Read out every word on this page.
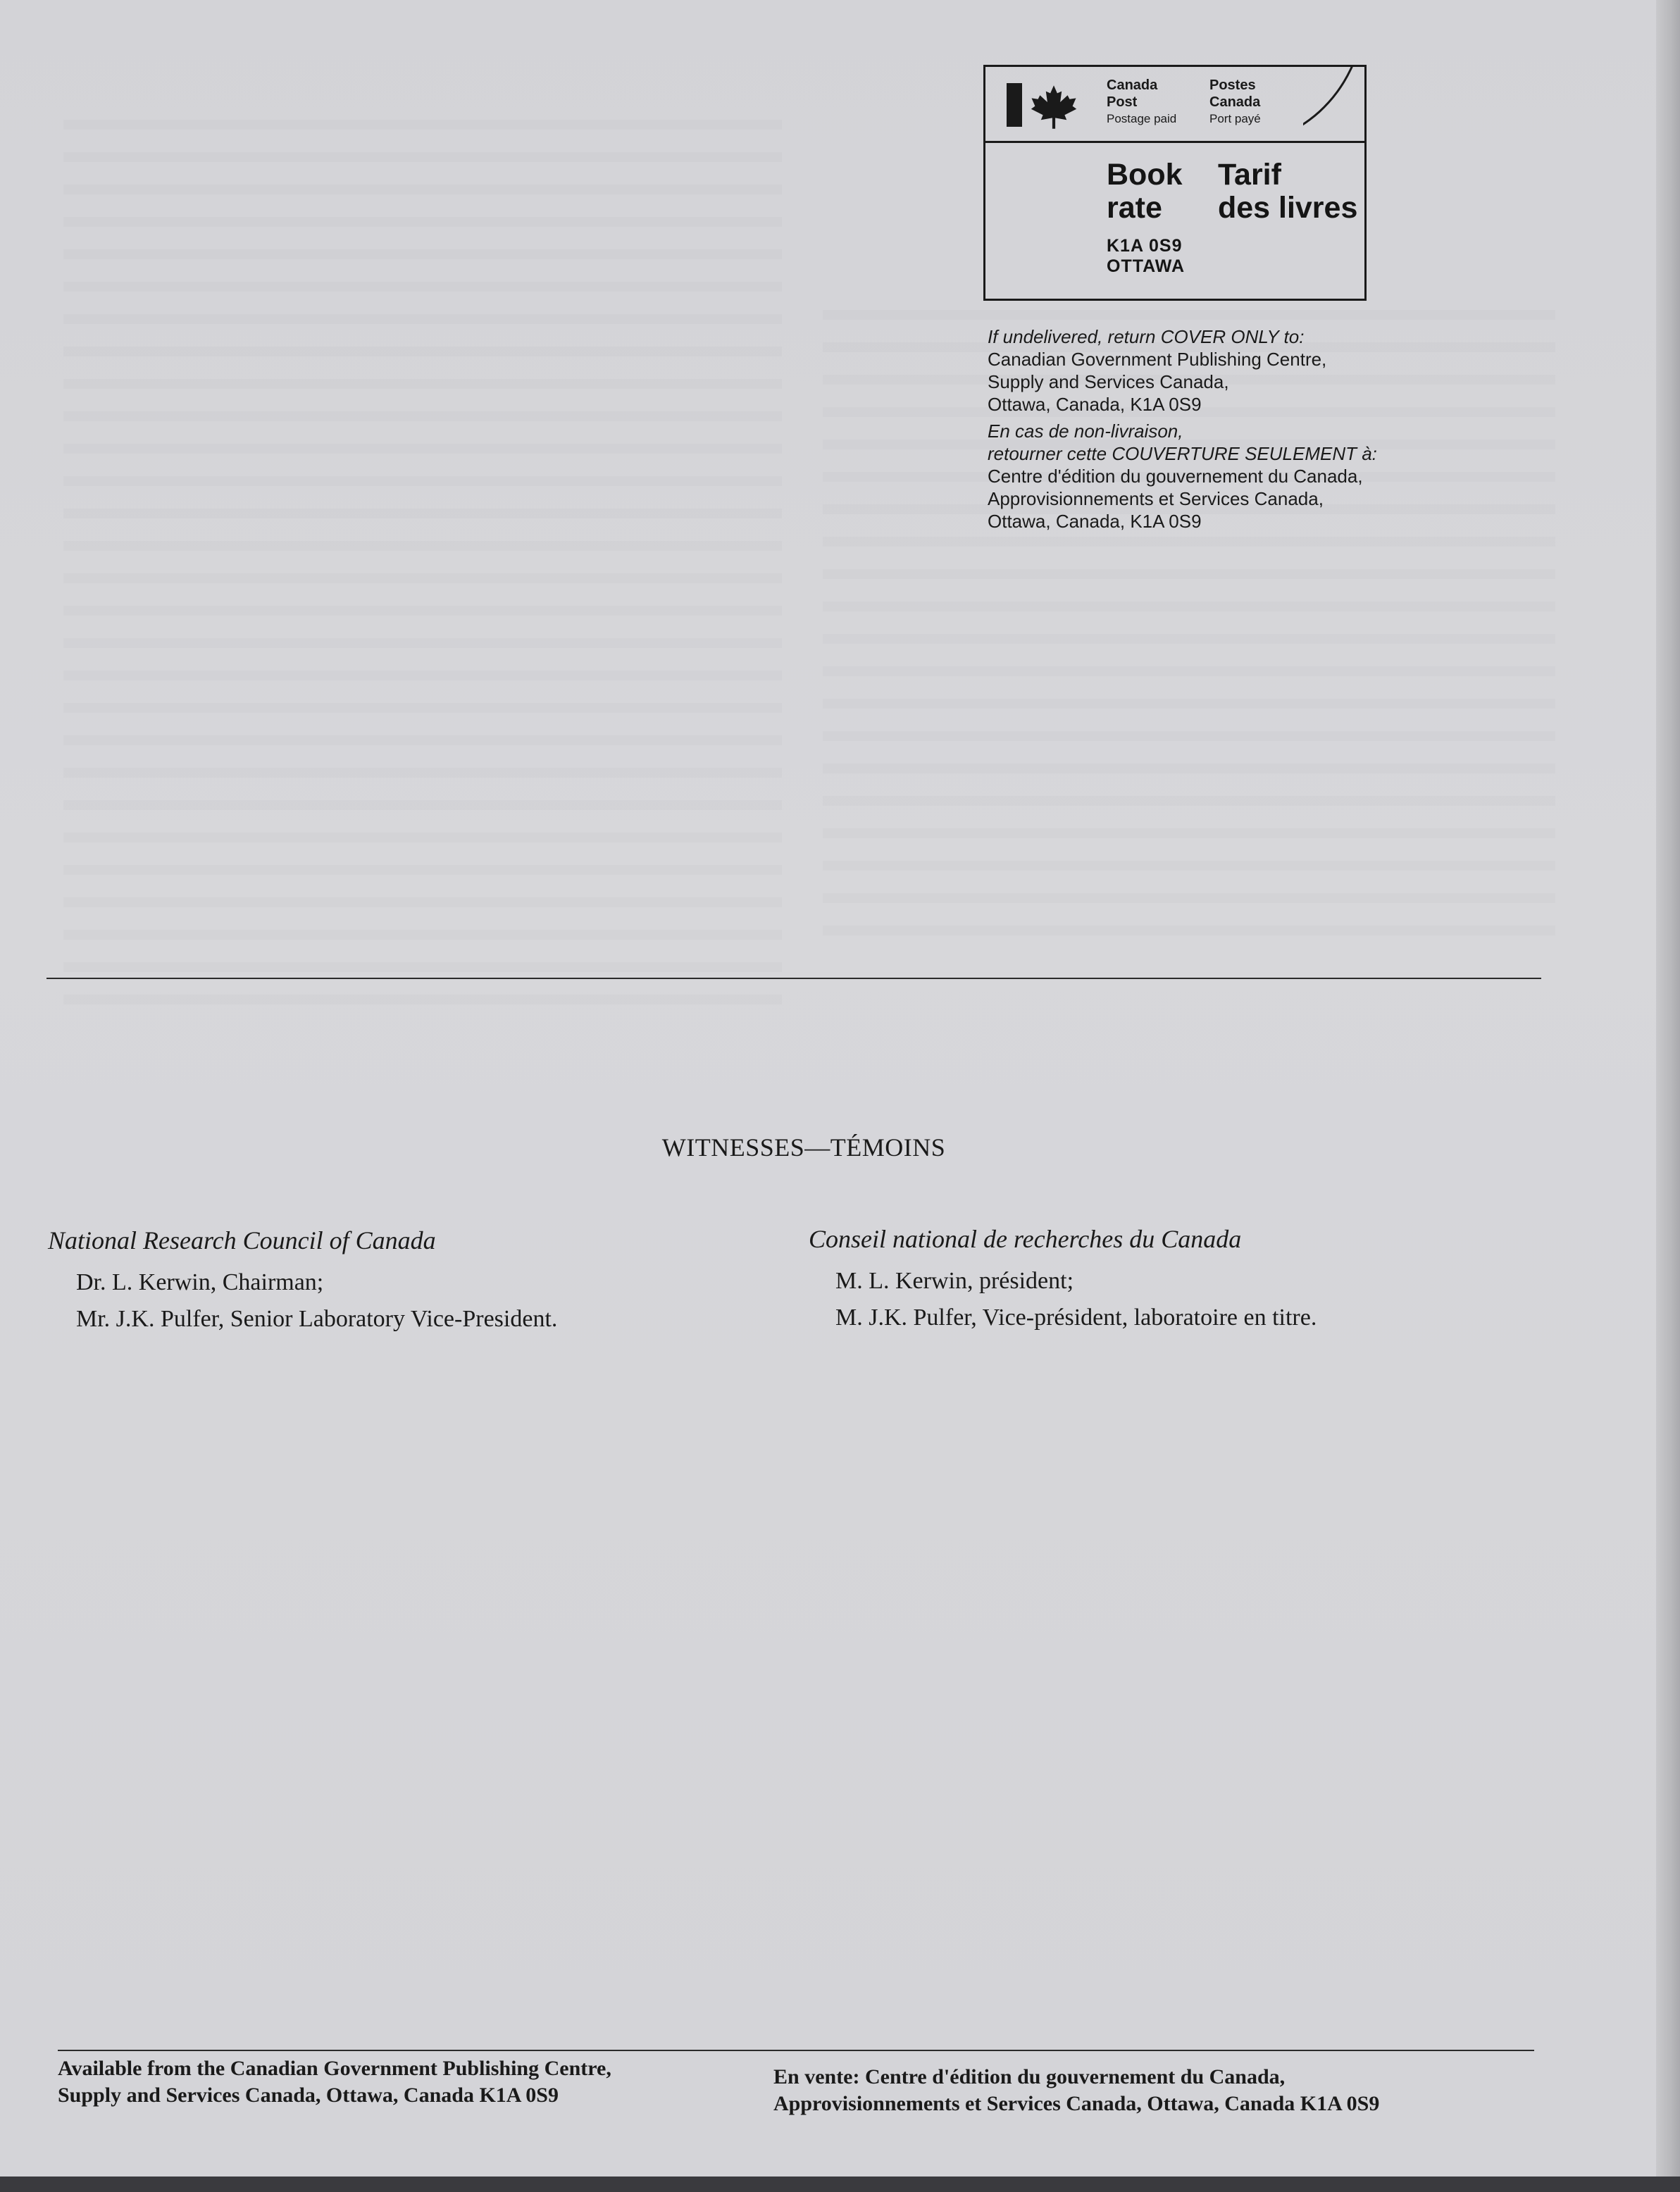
Canada
Post
Postage paid
Postes
Canada
Port payé
Book
rate

Tarif
des livres
K1A 0S9
OTTAWA
If undelivered, return COVER ONLY to:
Canadian Government Publishing Centre,
Supply and Services Canada,
Ottawa, Canada, K1A 0S9
En cas de non-livraison,
retourner cette COUVERTURE SEULEMENT à:
Centre d'édition du gouvernement du Canada,
Approvisionnements et Services Canada,
Ottawa, Canada, K1A 0S9
WITNESSES—TÉMOINS
National Research Council of Canada
Dr. L. Kerwin, Chairman;
Mr. J.K. Pulfer, Senior Laboratory Vice-President.
Conseil national de recherches du Canada
M. L. Kerwin, président;
M. J.K. Pulfer, Vice-président, laboratoire en titre.
Available from the Canadian Government Publishing Centre,
Supply and Services Canada, Ottawa, Canada K1A 0S9
En vente: Centre d'édition du gouvernement du Canada,
Approvisionnements et Services Canada, Ottawa, Canada K1A 0S9
